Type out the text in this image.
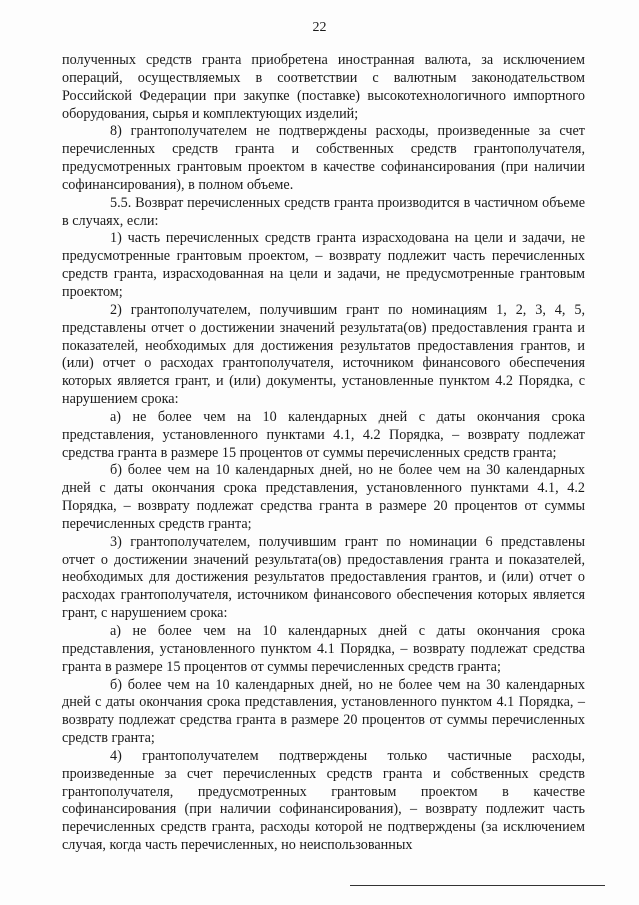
22

полученных средств гранта приобретена иностранная валюта, за исключением операций, осуществляемых в соответствии с валютным законодательством Российской Федерации при закупке (поставке) высокотехнологичного импортного оборудования, сырья и комплектующих изделий;

8) грантополучателем не подтверждены расходы, произведенные за счет перечисленных средств гранта и собственных средств грантополучателя, предусмотренных грантовым проектом в качестве софинансирования (при наличии софинансирования), в полном объеме.

5.5. Возврат перечисленных средств гранта производится в частичном объеме в случаях, если:

1) часть перечисленных средств гранта израсходована на цели и задачи, не предусмотренные грантовым проектом, – возврату подлежит часть перечисленных средств гранта, израсходованная на цели и задачи, не предусмотренные грантовым проектом;

2) грантополучателем, получившим грант по номинациям 1, 2, 3, 4, 5, представлены отчет о достижении значений результата(ов) предоставления гранта и показателей, необходимых для достижения результатов предоставления грантов, и (или) отчет о расходах грантополучателя, источником финансового обеспечения которых является грант, и (или) документы, установленные пунктом 4.2 Порядка, с нарушением срока:

а) не более чем на 10 календарных дней с даты окончания срока представления, установленного пунктами 4.1, 4.2 Порядка, – возврату подлежат средства гранта в размере 15 процентов от суммы перечисленных средств гранта;

б) более чем на 10 календарных дней, но не более чем на 30 календарных дней с даты окончания срока представления, установленного пунктами 4.1, 4.2 Порядка, – возврату подлежат средства гранта в размере 20 процентов от суммы перечисленных средств гранта;

3) грантополучателем, получившим грант по номинации 6 представлены отчет о достижении значений результата(ов) предоставления гранта и показателей, необходимых для достижения результатов предоставления грантов, и (или) отчет о расходах грантополучателя, источником финансового обеспечения которых является грант, с нарушением срока:

а) не более чем на 10 календарных дней с даты окончания срока представления, установленного пунктом 4.1 Порядка, – возврату подлежат средства гранта в размере 15 процентов от суммы перечисленных средств гранта;

б) более чем на 10 календарных дней, но не более чем на 30 календарных дней с даты окончания срока представления, установленного пунктом 4.1 Порядка, – возврату подлежат средства гранта в размере 20 процентов от суммы перечисленных средств гранта;

4) грантополучателем подтверждены только частичные расходы, произведенные за счет перечисленных средств гранта и собственных средств грантополучателя, предусмотренных грантовым проектом в качестве софинансирования (при наличии софинансирования), – возврату подлежит часть перечисленных средств гранта, расходы которой не подтверждены (за исключением случая, когда часть перечисленных, но неиспользованных
